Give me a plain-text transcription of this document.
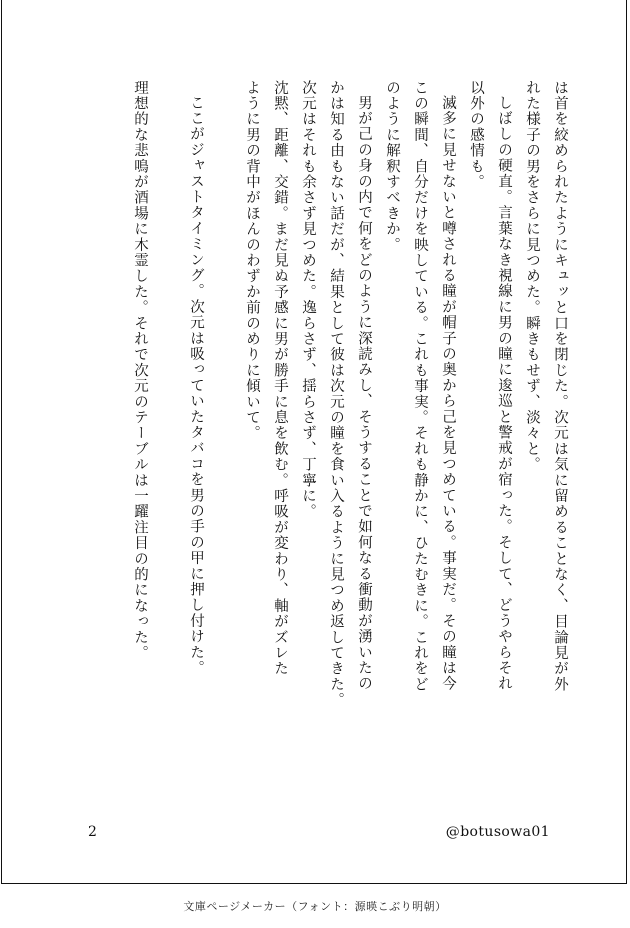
は首を絞められたようにキュッと口を閉じた。次元は気に留めることなく、目論見が外
れた様子の男をさらに見つめた。瞬きもせず、淡々と。

しばしの硬直。言葉なき視線に男の瞳に逡巡と警戒が宿った。そして、どうやらそれ
以外の感情も。

滅多に見せないと噂される瞳が帽子の奥から己を見つめている。事実だ。その瞳は今
この瞬間、自分だけを映している。これも事実。それも静かに、ひたむきに。これをど
のように解釈すべきか。

男が己の身の内で何をどのように深読みし、そうすることで如何なる衝動が湧いたの
かは知る由もない話だが、結果として彼は次元の瞳を食い入るように見つめ返してきた。
次元はそれも余さず見つめた。逸らさず、揺らさず、丁寧に。

沈黙、距離、交錯。まだ見ぬ予感に男が勝手に息を飲む。呼吸が変わり、軸がズレた
ように男の背中がほんのわずか前のめりに傾いて。

ここがジャストタイミング。次元は吸っていたタバコを男の手の甲に押し付けた。

理想的な悲鳴が酒場に木霊した。それで次元のテーブルは一躍注目の的になった。

2	@botusowa01
文庫ページメーカー（フォント：源暎こぶり明朝）
